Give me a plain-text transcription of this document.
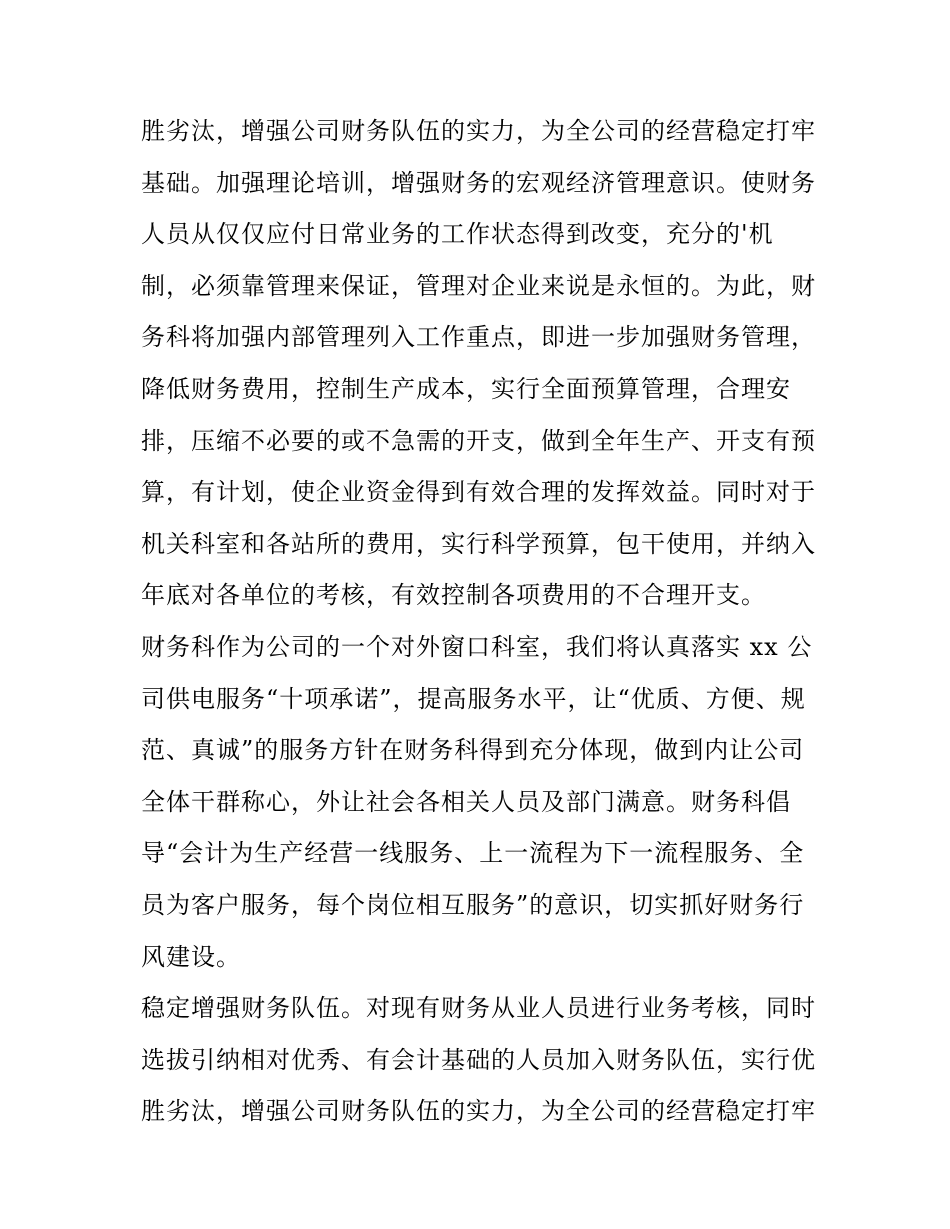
胜劣汰，增强公司财务队伍的实力，为全公司的经营稳定打牢
基础。加强理论培训，增强财务的宏观经济管理意识。使财务
人员从仅仅应付日常业务的工作状态得到改变，充分的'机
制，必须靠管理来保证，管理对企业来说是永恒的。为此，财
务科将加强内部管理列入工作重点，即进一步加强财务管理，
降低财务费用，控制生产成本，实行全面预算管理，合理安
排，压缩不必要的或不急需的开支，做到全年生产、开支有预
算，有计划，使企业资金得到有效合理的发挥效益。同时对于
机关科室和各站所的费用，实行科学预算，包干使用，并纳入
年底对各单位的考核，有效控制各项费用的不合理开支。
财务科作为公司的一个对外窗口科室，我们将认真落实 xx 公
司供电服务“十项承诺”，提高服务水平，让“优质、方便、规
范、真诚”的服务方针在财务科得到充分体现，做到内让公司
全体干群称心，外让社会各相关人员及部门满意。财务科倡
导“会计为生产经营一线服务、上一流程为下一流程服务、全
员为客户服务，每个岗位相互服务”的意识，切实抓好财务行
风建设。
稳定增强财务队伍。对现有财务从业人员进行业务考核，同时
选拔引纳相对优秀、有会计基础的人员加入财务队伍，实行优
胜劣汰，增强公司财务队伍的实力，为全公司的经营稳定打牢
